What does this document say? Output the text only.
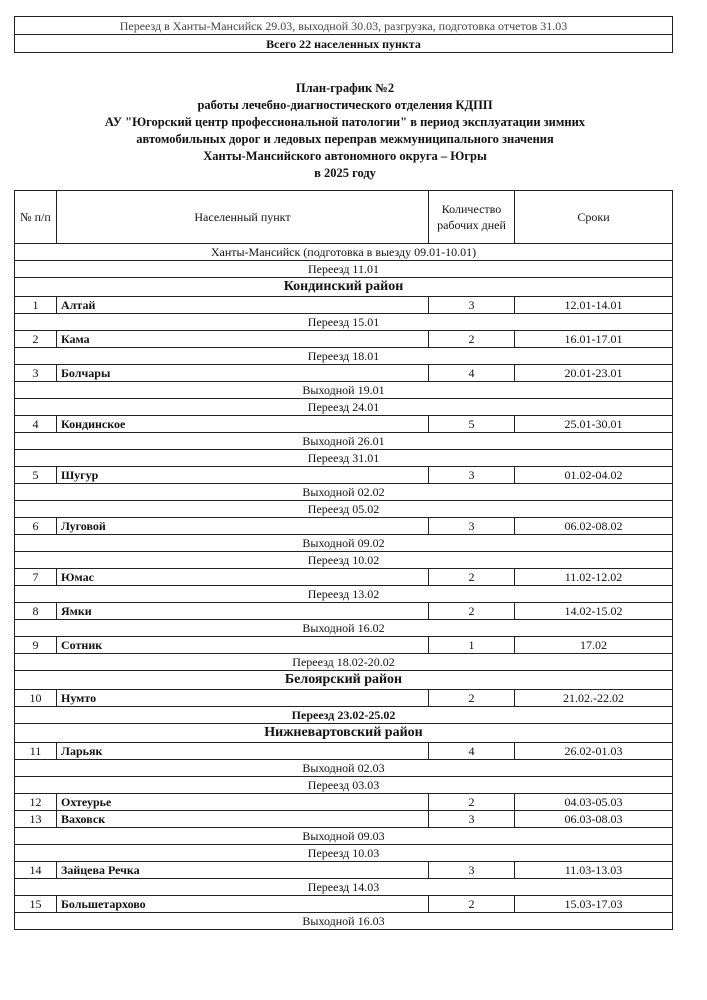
Переезд в Ханты-Мансийск 29.03, выходной 30.03, разгрузка, подготовка отчетов 31.03
Всего 22 населенных пункта
План-график №2
работы лечебно-диагностического отделения КДПП
АУ "Югорский центр профессиональной патологии" в период эксплуатации зимних
автомобильных дорог и ледовых переправ межмуниципального значения
Ханты-Мансийского автономного округа – Югры
в 2025 году
№ п/п	Населенный пункт	Количество рабочих дней	Сроки
Ханты-Мансийск (подготовка в выезду 09.01-10.01)			
Переезд 11.01			
Кондинский район			
1	Алтай	3	12.01-14.01
Переезд 15.01			
2	Кама	2	16.01-17.01
Переезд 18.01			
3	Болчары	4	20.01-23.01
Выходной 19.01			
Переезд 24.01			
4	Кондинское	5	25.01-30.01
Выходной 26.01			
Переезд 31.01			
5	Шугур	3	01.02-04.02
Выходной 02.02			
Переезд 05.02			
6	Луговой	3	06.02-08.02
Выходной 09.02			
Переезд 10.02			
7	Юмас	2	11.02-12.02
Переезд 13.02			
8	Ямки	2	14.02-15.02
Выходной 16.02			
9	Сотник	1	17.02
Переезд 18.02-20.02			
Белоярский район			
10	Нумто	2	21.02.-22.02
Переезд 23.02-25.02			
Нижневартовский район			
11	Ларьяк	4	26.02-01.03
Выходной 02.03			
Переезд 03.03			
12	Охтеурье	2	04.03-05.03
13	Ваховск	3	06.03-08.03
Выходной 09.03			
Переезд 10.03			
14	Зайцева Речка	3	11.03-13.03
Переезд 14.03			
15	Большетархово	2	15.03-17.03
Выходной 16.03			
